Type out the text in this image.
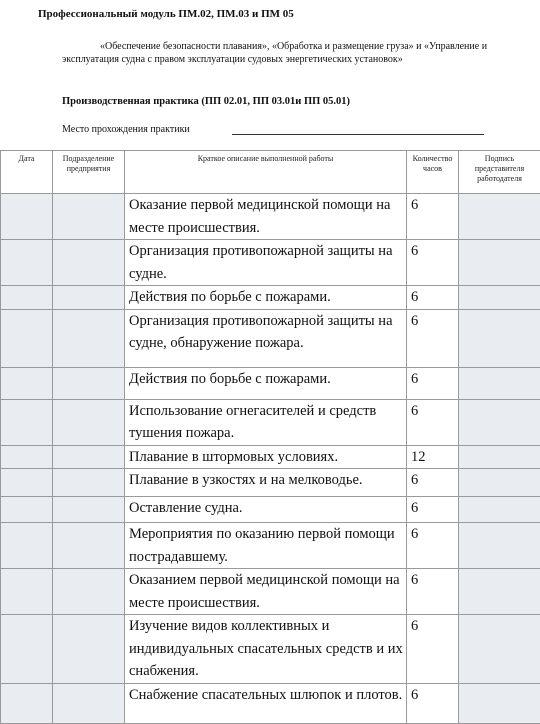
Профессиональный модуль ПМ.02, ПМ.03 и ПМ 05
«Обеспечение безопасности плавания», «Обработка и размещение груза» и «Управление и эксплуатация судна с правом эксплуатации судовых энергетических установок»
Производственная практика (ПП 02.01, ПП 03.01и ПП 05.01)
Место прохождения практики
Дата	Подразделение предприятия	Краткое описание выполненной работы	Количество часов	Подпись представителя работодателя
		Оказание первой медицинской помощи на месте происшествия.	6	
		Организация противопожарной защиты на судне.	6	
		Действия по борьбе с пожарами.	6	
		Организация противопожарной защиты на судне, обнаружение пожара.	6	
		Действия по борьбе с пожарами.	6	
		Использование огнегасителей и средств тушения пожара.	6	
		Плавание в штормовых условиях.	12	
		Плавание в узкостях и на мелководье.	6	
		Оставление судна.	6	
		Мероприятия по оказанию первой помощи пострадавшему.	6	
		Оказанием первой медицинской помощи на месте происшествия.	6	
		Изучение видов коллективных и индивидуальных спасательных средств и их снабжения.	6	
		Снабжение спасательных шлюпок и плотов.	6	
